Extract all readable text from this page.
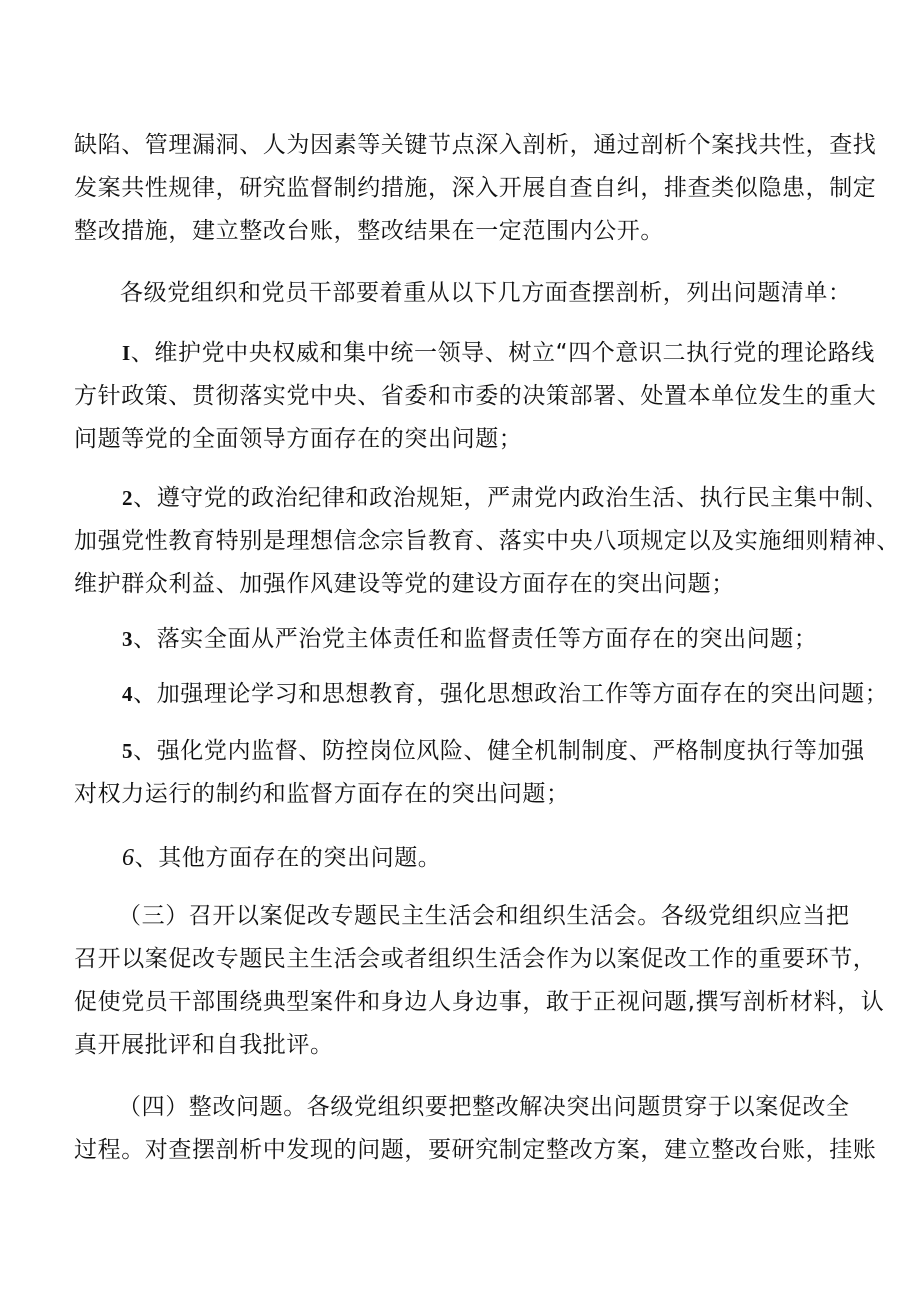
缺陷、管理漏洞、人为因素等关键节点深入剖析，通过剖析个案找共性，查找
发案共性规律，研究监督制约措施，深入开展自查自纠，排查类似隐患，制定
整改措施，建立整改台账，整改结果在一定范围内公开。
各级党组织和党员干部要着重从以下几方面查摆剖析，列出问题清单：
I、维护党中央权威和集中统一领导、树立“四个意识二执行党的理论路线
方针政策、贯彻落实党中央、省委和市委的决策部署、处置本单位发生的重大
问题等党的全面领导方面存在的突出问题；
2、遵守党的政治纪律和政治规矩，严肃党内政治生活、执行民主集中制、
加强党性教育特别是理想信念宗旨教育、落实中央八项规定以及实施细则精神、
维护群众利益、加强作风建设等党的建设方面存在的突出问题；
3、落实全面从严治党主体责任和监督责任等方面存在的突出问题；
4、加强理论学习和思想教育，强化思想政治工作等方面存在的突出问题；
5、强化党内监督、防控岗位风险、健全机制制度、严格制度执行等加强
对权力运行的制约和监督方面存在的突出问题；
6、其他方面存在的突出问题。
（三）召开以案促改专题民主生活会和组织生活会。各级党组织应当把
召开以案促改专题民主生活会或者组织生活会作为以案促改工作的重要环节，
促使党员干部围绕典型案件和身边人身边事，敢于正视问题,撰写剖析材料，认
真开展批评和自我批评。
（四）整改问题。各级党组织要把整改解决突出问题贯穿于以案促改全
过程。对查摆剖析中发现的问题，要研究制定整改方案，建立整改台账，挂账
